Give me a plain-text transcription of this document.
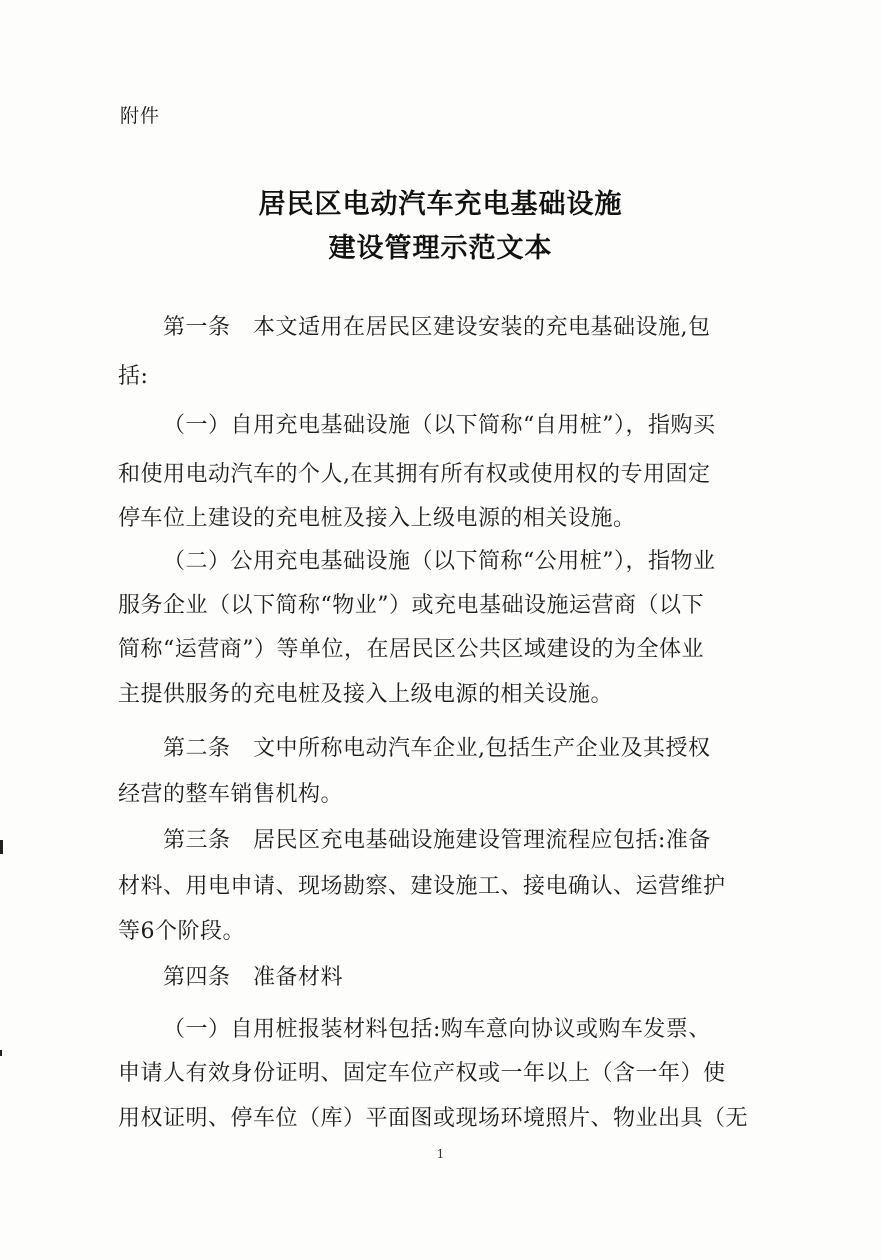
附件
居民区电动汽车充电基础设施
建设管理示范文本
第一条　本文适用在居民区建设安装的充电基础设施,包
括:
（一）自用充电基础设施（以下简称“自用桩”），指购买
和使用电动汽车的个人,在其拥有所有权或使用权的专用固定
停车位上建设的充电桩及接入上级电源的相关设施。
（二）公用充电基础设施（以下简称“公用桩”），指物业
服务企业（以下简称“物业”）或充电基础设施运营商（以下
简称“运营商”）等单位，在居民区公共区域建设的为全体业
主提供服务的充电桩及接入上级电源的相关设施。
第二条　文中所称电动汽车企业,包括生产企业及其授权
经营的整车销售机构。
第三条　居民区充电基础设施建设管理流程应包括:准备
材料、用电申请、现场勘察、建设施工、接电确认、运营维护
等6个阶段。
第四条　准备材料
（一）自用桩报装材料包括:购车意向协议或购车发票、
申请人有效身份证明、固定车位产权或一年以上（含一年）使
用权证明、停车位（库）平面图或现场环境照片、物业出具（无
1
